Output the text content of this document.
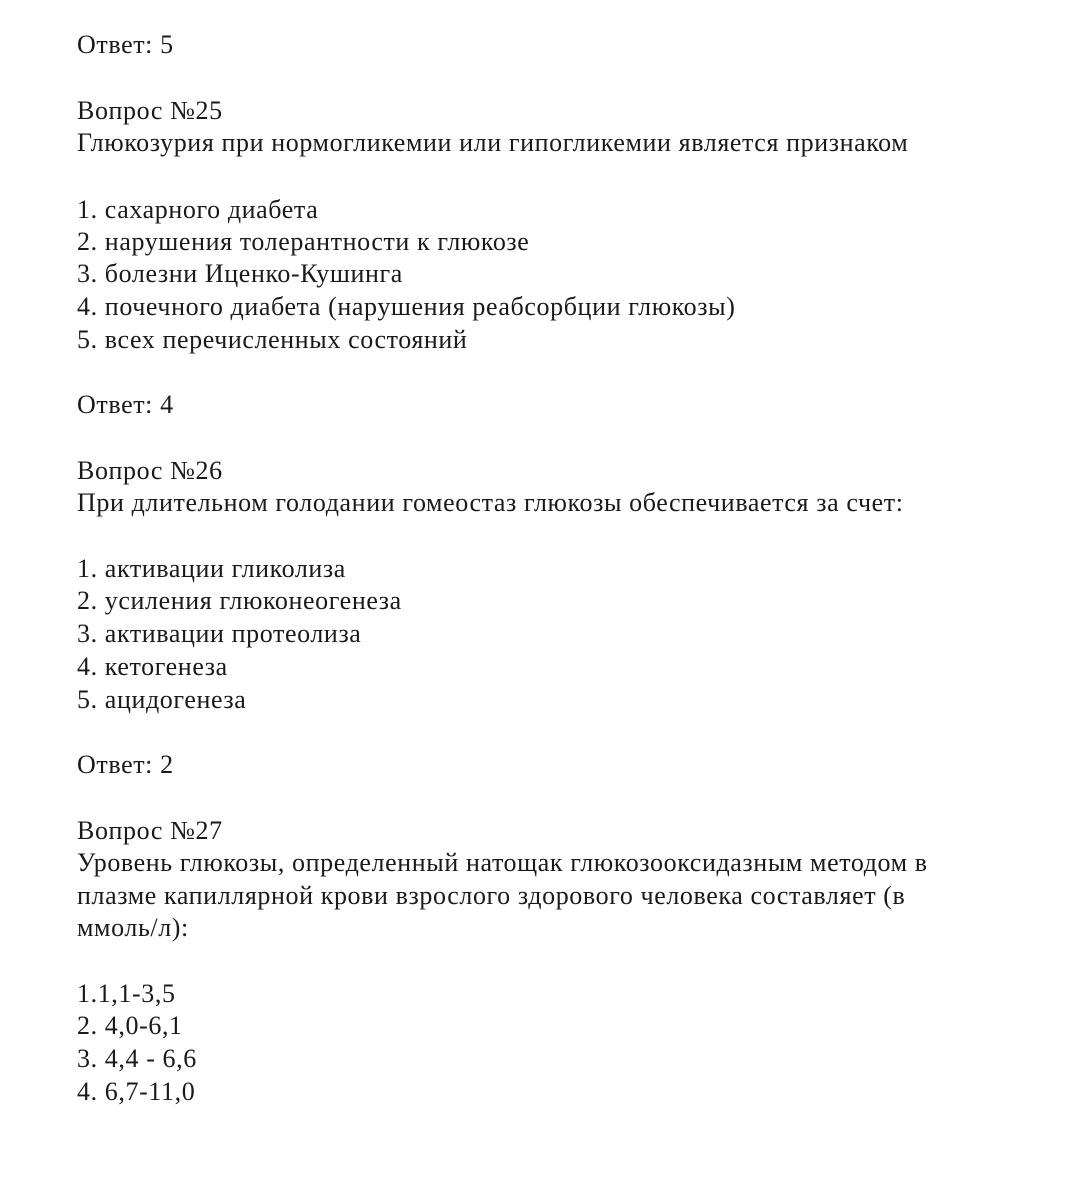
Ответ: 5
Вопрос №25
Глюкозурия при нормогликемии или гипогликемии является признаком
1. сахарного диабета
2. нарушения толерантности к глюкозе
3. болезни Иценко-Кушинга
4. почечного диабета (нарушения реабсорбции глюкозы)
5. всех перечисленных состояний
Ответ: 4
Вопрос №26
При длительном голодании гомеостаз глюкозы обеспечивается за счет:
1. активации гликолиза
2. усиления глюконеогенеза
3. активации протеолиза
4. кетогенеза
5. ацидогенеза
Ответ: 2
Вопрос №27
Уровень глюкозы, определенный натощак глюкозооксидазным методом в
плазме капиллярной крови взрослого здорового человека составляет (в
ммоль/л):
1.1,1-3,5
2. 4,0-6,1
3. 4,4 - 6,6
4. 6,7-11,0
